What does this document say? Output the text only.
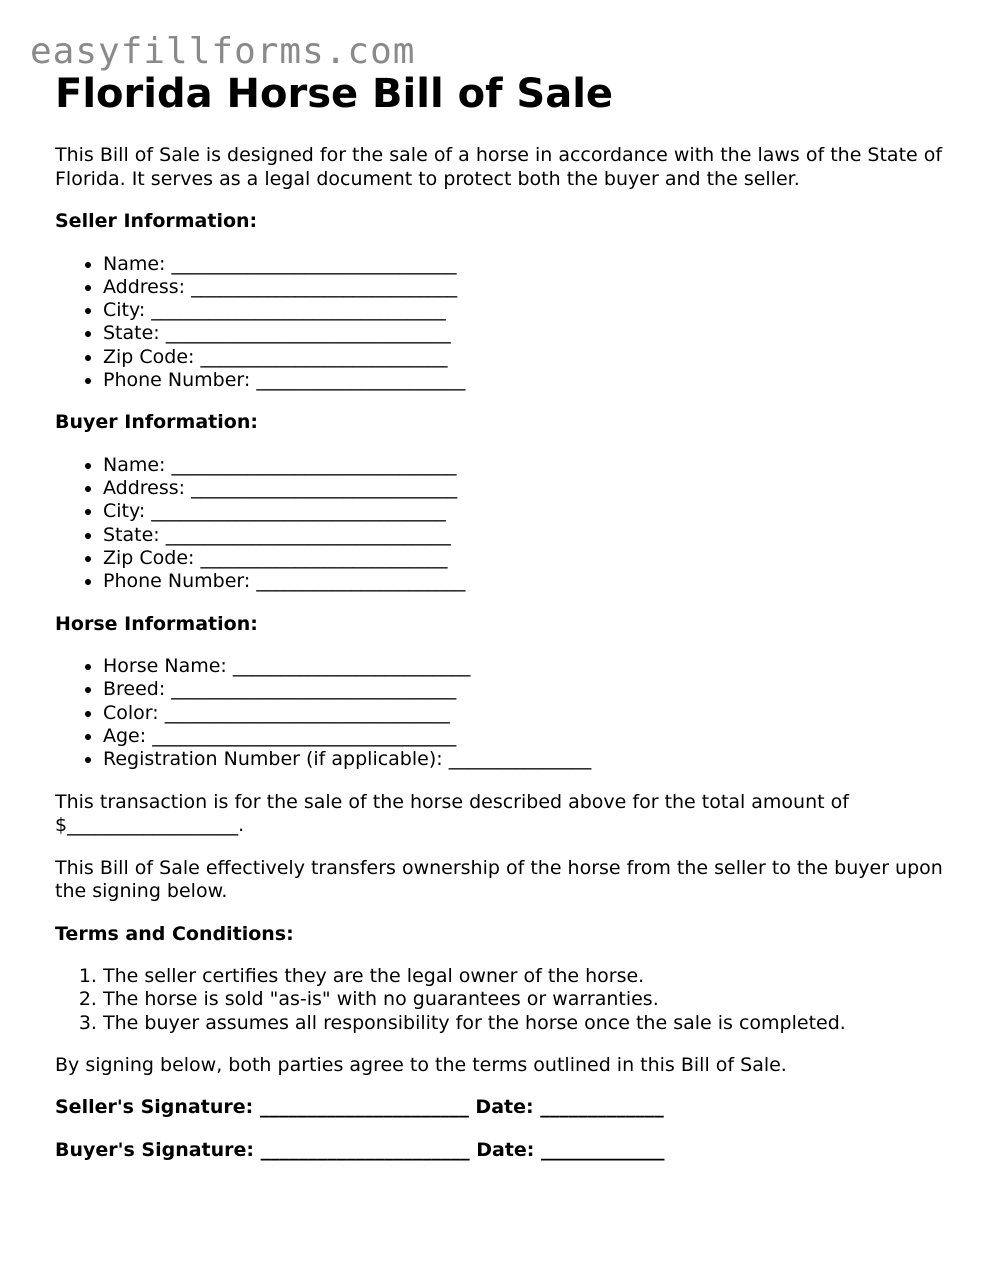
easyfillforms.com
Florida Horse Bill of Sale

This Bill of Sale is designed for the sale of a horse in accordance with the laws of the State of Florida. It serves as a legal document to protect both the buyer and the seller.

Seller Information:
• Name: ______________________________
• Address: ____________________________
• City: _______________________________
• State: ______________________________
• Zip Code: __________________________
• Phone Number: ______________________
Buyer Information:
• Name: ______________________________
• Address: ____________________________
• City: _______________________________
• State: ______________________________
• Zip Code: __________________________
• Phone Number: ______________________
Horse Information:
• Horse Name: _________________________
• Breed: ______________________________
• Color: ______________________________
• Age: ________________________________
• Registration Number (if applicable): _______________

This transaction is for the sale of the horse described above for the total amount of $__________________.

This Bill of Sale effectively transfers ownership of the horse from the seller to the buyer upon the signing below.

Terms and Conditions:
1. The seller certifies they are the legal owner of the horse.
2. The horse is sold "as-is" with no guarantees or warranties.
3. The buyer assumes all responsibility for the horse once the sale is completed.

By signing below, both parties agree to the terms outlined in this Bill of Sale.

Seller's Signature: ______________________ Date: _____________
Buyer's Signature: ______________________ Date: _____________
